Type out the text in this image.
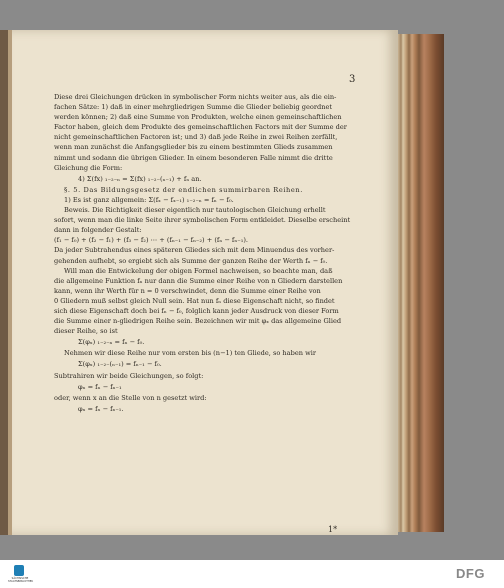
3
Diese drei Gleichungen drücken in symbolischer Form nichts weiter aus, als die ein-
fachen Sätze: 1) daß in einer mehrgliedrigen Summe die Glieder beliebig geordnet
werden können; 2) daß eine Summe von Produkten, welche einen gemeinschaftlichen
Factor haben, gleich dem Produkte des gemeinschaftlichen Factors mit der Summe der
nicht gemeinschaftlichen Factoren ist; und 3) daß jede Reihe in zwei Reihen zerfällt,
wenn man zunächst die Anfangsglieder bis zu einem bestimmten Glieds zusammen
nimmt und sodann die übrigen Glieder. In einem besonderen Falle nimmt die dritte
Gleichung die Form:
4) Σ(fx) ₁₋₂₋ₙ = Σ(fx) ₁₋₂₋(ₙ₋₁) + fₙ an.
§. 5. Das Bildungsgesetz der endlichen summirbaren Reihen.
1) Es ist ganz allgemein: Σ(fₓ − fₓ₋₁) ₁₋₂₋ₙ = fₙ − f₀.
Beweis. Die Richtigkeit dieser eigentlich nur tautologischen Gleichung erhellt
sofort, wenn man die linke Seite ihrer symbolischen Form entkleidet. Dieselbe erscheint
dann in folgender Gestalt:
(f₁ − f₀) + (f₂ − f₁) + (f₃ − f₂) ⋯ + (fₙ₋₁ − fₙ₋₂) + (fₙ − fₙ₋₁).
Da jeder Subtrahendus eines späteren Gliedes sich mit dem Minuendus des vorher-
gehenden aufhebt, so ergiebt sich als Summe der ganzen Reihe der Werth fₙ − f₀.
Will man die Entwickelung der obigen Formel nachweisen, so beachte man, daß
die allgemeine Funktion fₙ nur dann die Summe einer Reihe von n Gliedern darstellen
kann, wenn ihr Werth für n = 0 verschwindet, denn die Summe einer Reihe von
0 Gliedern muß selbst gleich Null sein. Hat nun fₙ diese Eigenschaft nicht, so findet
sich diese Eigenschaft doch bei fₙ − f₀, folglich kann jeder Ausdruck von dieser Form
die Summe einer n-gliedrigen Reihe sein. Bezeichnen wir mit φₓ das allgemeine Glied
dieser Reihe, so ist
Σ(φₓ) ₁₋₂₋ₙ = fₙ − f₀.
Nehmen wir diese Reihe nur vom ersten bis (n−1) ten Gliede, so haben wir
Σ(φₓ) ₁₋₂₋(ₙ₋₁) = fₙ₋₁ − f₀.
Subtrahiren wir beide Gleichungen, so folgt:
φₙ = fₙ − fₙ₋₁
oder, wenn x an die Stelle von n gesetzt wird:
φₓ = fₓ − fₓ₋₁.
1*
SÄCHSISCHE STAATSBIBLIOTHEK
DFG
